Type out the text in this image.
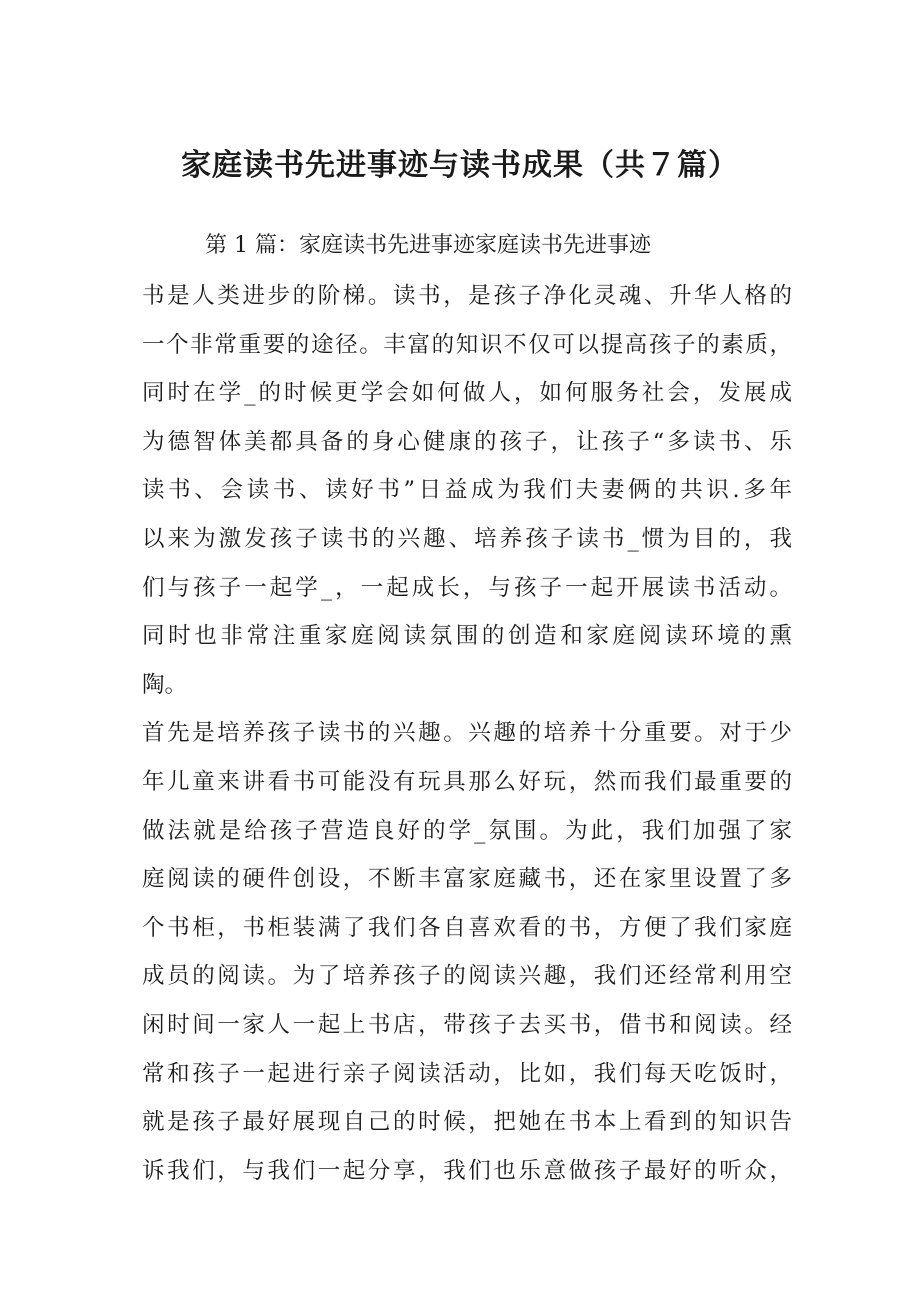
家庭读书先进事迹与读书成果（共７篇）

第 1 篇：家庭读书先进事迹家庭读书先进事迹

书是人类进步的阶梯。读书，是孩子净化灵魂、升华人格的
一个非常重要的途径。丰富的知识不仅可以提高孩子的素质，
同时在学_的时候更学会如何做人，如何服务社会，发展成
为德智体美都具备的身心健康的孩子，让孩子“多读书、乐
读书、会读书、读好书”日益成为我们夫妻俩的共识.多年
以来为激发孩子读书的兴趣、培养孩子读书_惯为目的，我
们与孩子一起学_，一起成长，与孩子一起开展读书活动。
同时也非常注重家庭阅读氛围的创造和家庭阅读环境的熏
陶。
首先是培养孩子读书的兴趣。兴趣的培养十分重要。对于少
年儿童来讲看书可能没有玩具那么好玩，然而我们最重要的
做法就是给孩子营造良好的学_氛围。为此，我们加强了家
庭阅读的硬件创设，不断丰富家庭藏书，还在家里设置了多
个书柜，书柜装满了我们各自喜欢看的书，方便了我们家庭
成员的阅读。为了培养孩子的阅读兴趣，我们还经常利用空
闲时间一家人一起上书店，带孩子去买书，借书和阅读。经
常和孩子一起进行亲子阅读活动，比如，我们每天吃饭时，
就是孩子最好展现自己的时候，把她在书本上看到的知识告
诉我们，与我们一起分享，我们也乐意做孩子最好的听众，
